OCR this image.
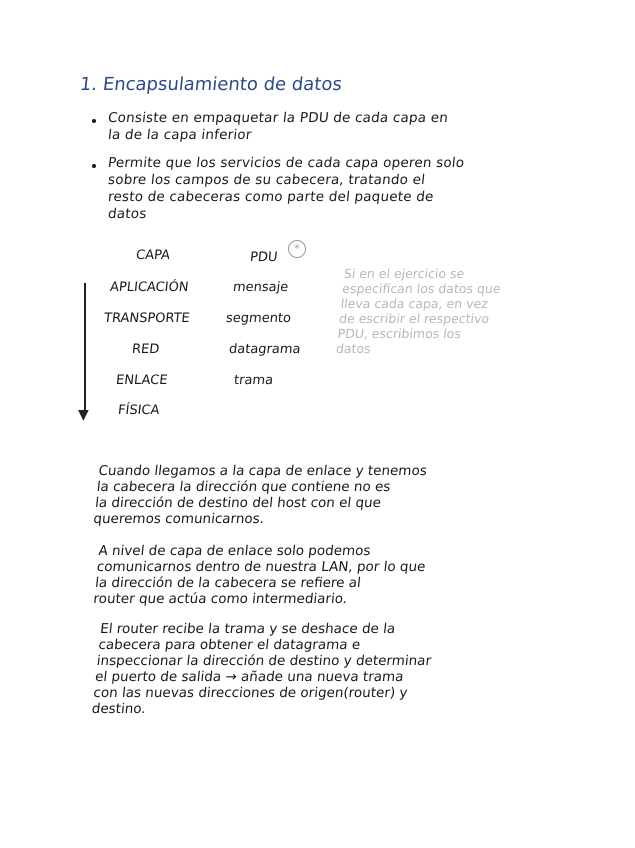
1. Encapsulamiento de datos
Consiste en empaquetar la PDU de cada capa en
la de la capa inferior
Permite que los servicios de cada capa operen solo
sobre los campos de su cabecera, tratando el
resto de cabeceras como parte del paquete de
datos
CAPA	PDU
*
APLICACIÓN	mensaje
TRANSPORTE	segmento
RED	datagrama
ENLACE	trama
FÍSICA
▼
Si en el ejercicio se
especifican los datos que
lleva cada capa, en vez
de escribir el respectivo
PDU, escribimos los
datos
Cuando llegamos a la capa de enlace y tenemos
la cabecera la dirección que contiene no es
la dirección de destino del host con el que
queremos comunicarnos.
A nivel de capa de enlace solo podemos
comunicarnos dentro de nuestra LAN, por lo que
la dirección de la cabecera se refiere al
router que actúa como intermediario.
El router recibe la trama y se deshace de la
cabecera para obtener el datagrama e
inspeccionar la dirección de destino y determinar
el puerto de salida → añade una nueva trama
con las nuevas direcciones de origen(router) y
destino.
